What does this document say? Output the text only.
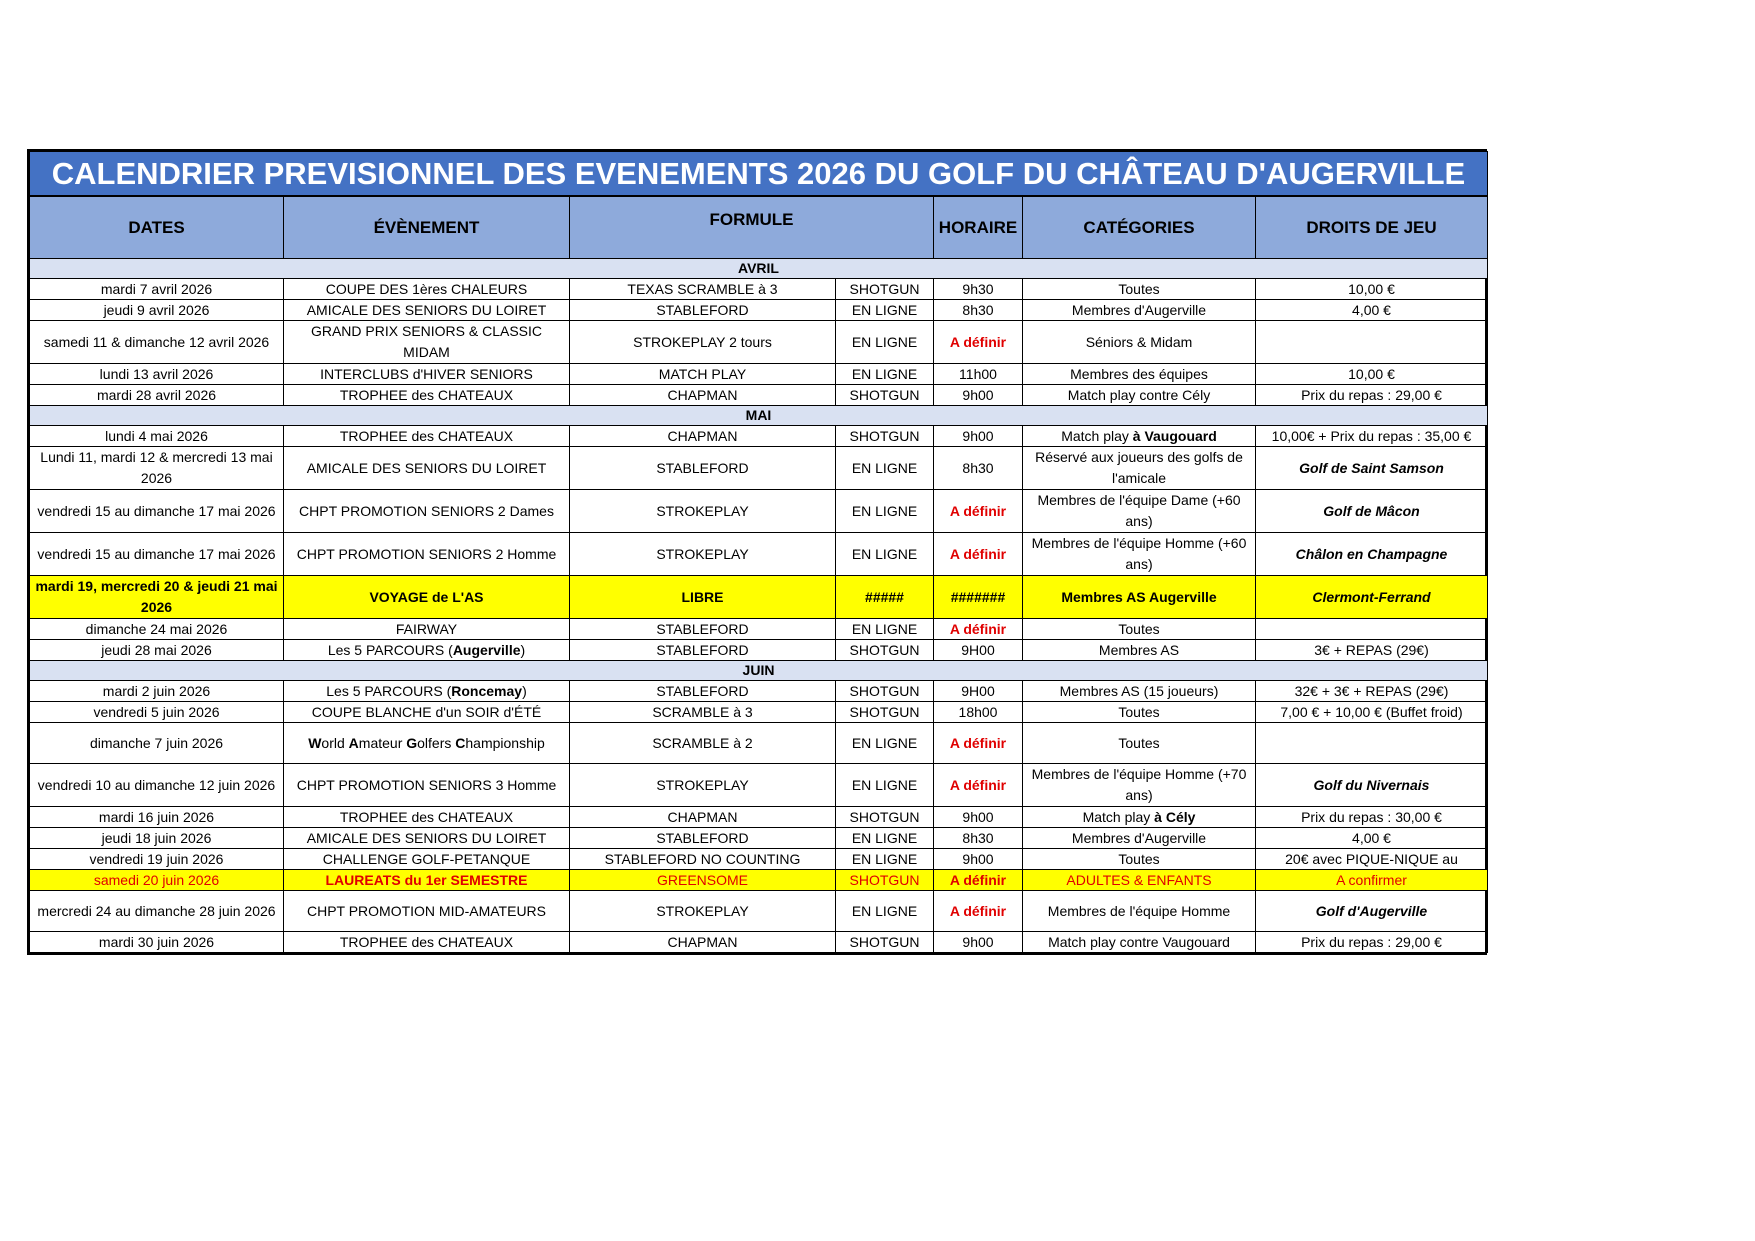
CALENDRIER PREVISIONNEL DES EVENEMENTS 2026 DU GOLF DU CHÂTEAU D'AUGERVILLE						
DATES	ÉVÈNEMENT	FORMULE		HORAIRE	CATÉGORIES	DROITS DE JEU
AVRIL						
mardi 7 avril 2026	COUPE DES 1ères CHALEURS	TEXAS SCRAMBLE à 3	SHOTGUN	9h30	Toutes	10,00 €
jeudi 9 avril 2026	AMICALE DES SENIORS DU LOIRET	STABLEFORD	EN LIGNE	8h30	Membres d'Augerville	4,00 €
samedi 11 & dimanche 12 avril 2026	GRAND PRIX SENIORS & CLASSIC MIDAM	STROKEPLAY 2 tours	EN LIGNE	A définir	Séniors & Midam	
lundi 13 avril 2026	INTERCLUBS d'HIVER SENIORS	MATCH PLAY	EN LIGNE	11h00	Membres des équipes	10,00 €
mardi 28 avril 2026	TROPHEE des CHATEAUX	CHAPMAN	SHOTGUN	9h00	Match play contre Cély	Prix du repas : 29,00 €
MAI						
lundi 4 mai 2026	TROPHEE des CHATEAUX	CHAPMAN	SHOTGUN	9h00	Match play à Vaugouard	10,00€ + Prix du repas : 35,00 €
Lundi 11, mardi 12 & mercredi 13 mai 2026	AMICALE DES SENIORS DU LOIRET	STABLEFORD	EN LIGNE	8h30	Réservé aux joueurs des golfs de l'amicale	Golf de Saint Samson
vendredi 15 au dimanche 17 mai 2026	CHPT PROMOTION SENIORS 2 Dames	STROKEPLAY	EN LIGNE	A définir	Membres de l'équipe Dame (+60 ans)	Golf de Mâcon
vendredi 15 au dimanche 17 mai 2026	CHPT PROMOTION SENIORS 2 Homme	STROKEPLAY	EN LIGNE	A définir	Membres de l'équipe Homme (+60 ans)	Châlon en Champagne
mardi 19, mercredi 20 & jeudi 21 mai 2026	VOYAGE de L'AS	LIBRE	#####	#######	Membres AS Augerville	Clermont-Ferrand
dimanche 24 mai 2026	FAIRWAY	STABLEFORD	EN LIGNE	A définir	Toutes	
jeudi 28 mai 2026	Les 5 PARCOURS (Augerville)	STABLEFORD	SHOTGUN	9H00	Membres AS	3€ + REPAS (29€)
JUIN						
mardi 2 juin 2026	Les 5 PARCOURS (Roncemay)	STABLEFORD	SHOTGUN	9H00	Membres AS (15 joueurs)	32€ + 3€ + REPAS (29€)
vendredi 5 juin 2026	COUPE BLANCHE d'un SOIR d'ÉTÉ	SCRAMBLE à 3	SHOTGUN	18h00	Toutes	7,00 € + 10,00 € (Buffet froid)
dimanche 7 juin 2026	World Amateur Golfers Championship	SCRAMBLE à 2	EN LIGNE	A définir	Toutes	
vendredi 10 au dimanche 12 juin 2026	CHPT PROMOTION SENIORS 3 Homme	STROKEPLAY	EN LIGNE	A définir	Membres de l'équipe Homme (+70 ans)	Golf du Nivernais
mardi 16 juin 2026	TROPHEE des CHATEAUX	CHAPMAN	SHOTGUN	9h00	Match play à Cély	Prix du repas : 30,00 €
jeudi 18 juin 2026	AMICALE DES SENIORS DU LOIRET	STABLEFORD	EN LIGNE	8h30	Membres d'Augerville	4,00 €
vendredi 19 juin 2026	CHALLENGE GOLF-PETANQUE	STABLEFORD NO COUNTING	EN LIGNE	9h00	Toutes	20€ avec PIQUE-NIQUE au
samedi 20 juin 2026	LAUREATS du 1er SEMESTRE	GREENSOME	SHOTGUN	A définir	ADULTES & ENFANTS	A confirmer
mercredi 24 au dimanche 28 juin 2026	CHPT PROMOTION MID-AMATEURS	STROKEPLAY	EN LIGNE	A définir	Membres de l'équipe Homme	Golf d'Augerville
mardi 30 juin 2026	TROPHEE des CHATEAUX	CHAPMAN	SHOTGUN	9h00	Match play contre Vaugouard	Prix du repas : 29,00 €
